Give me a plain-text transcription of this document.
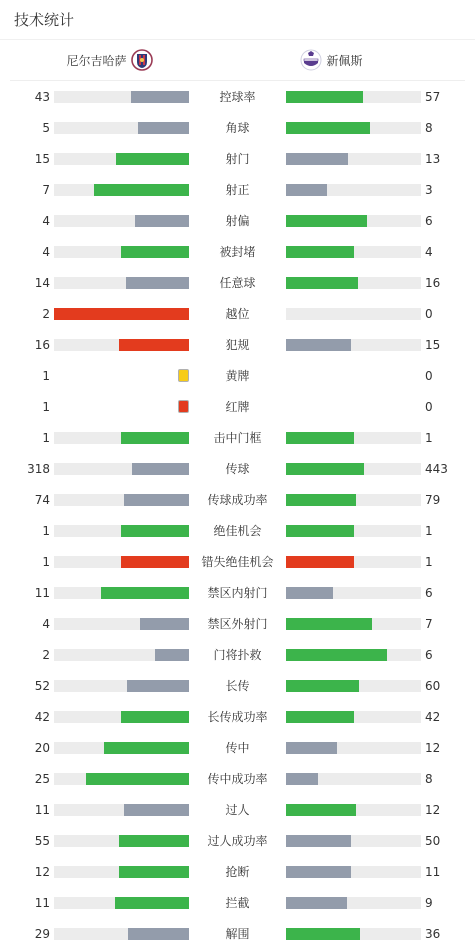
技术统计
尼尔吉哈萨	新佩斯
43	控球率	57
5	角球	8
15	射门	13
7	射正	3
4	射偏	6
4	被封堵	4
14	任意球	16
2	越位	0
16	犯规	15
1	黄牌	0
1	红牌	0
1	击中门框	1
318	传球	443
74	传球成功率	79
1	绝佳机会	1
1	错失绝佳机会	1
11	禁区内射门	6
4	禁区外射门	7
2	门将扑救	6
52	长传	60
42	长传成功率	42
20	传中	12
25	传中成功率	8
11	过人	12
55	过人成功率	50
12	抢断	11
11	拦截	9
29	解围	36
